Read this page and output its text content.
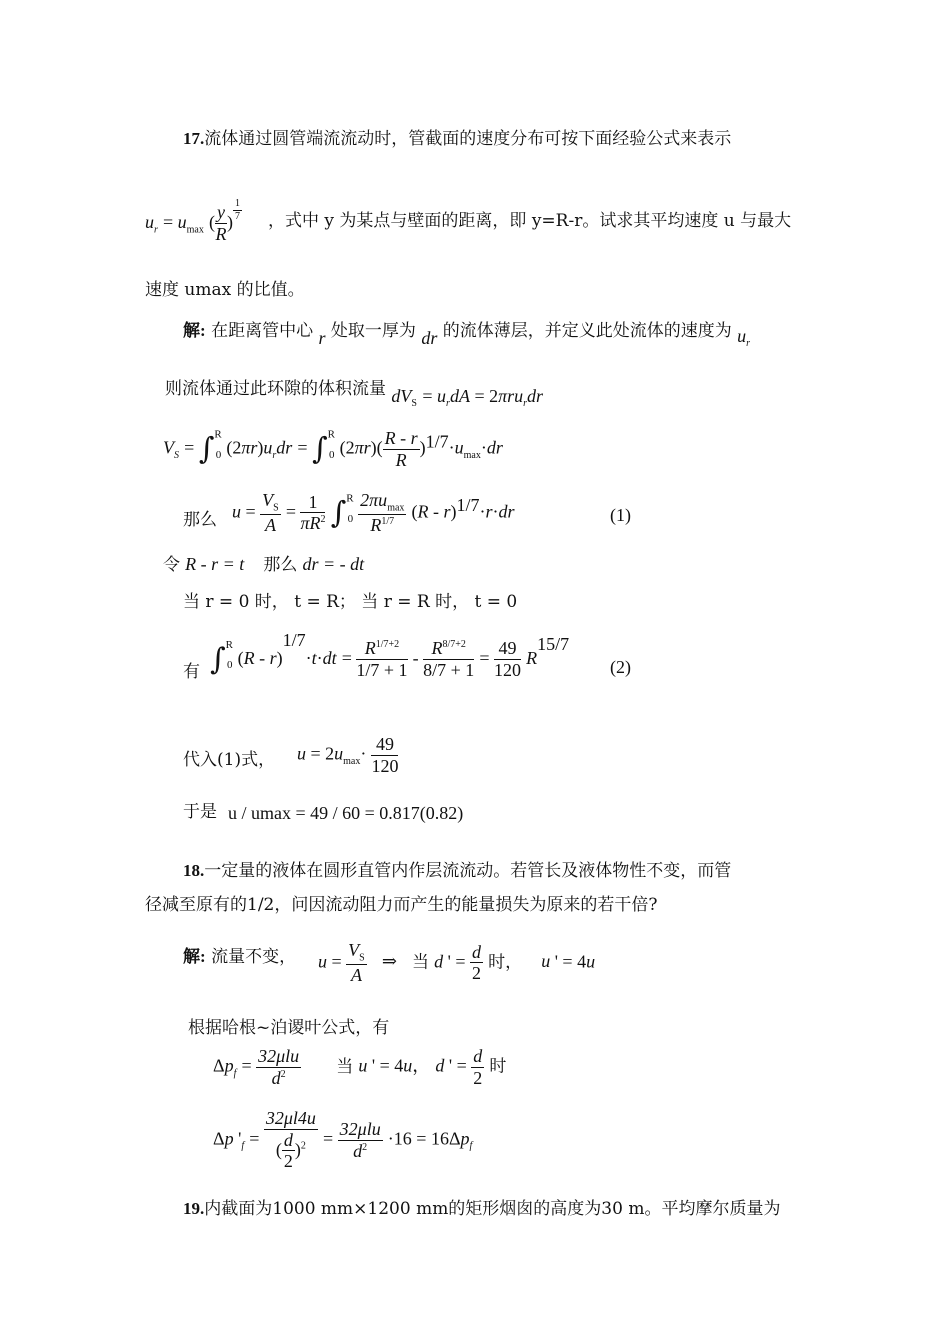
17.流体通过圆管端流流动时，管截面的速度分布可按下面经验公式来表示
$u_r = u_{max}$ ( $\frac{y}{R}$ )
$^{\frac{1}{7}}$ ，式中 y 为某点与壁面的距离，即 y=R-r。试求其平均速度 u 与最大
速度 umax 的比值。
解: 在距离管中心 r 处取一厚为 dr 的流体薄层，并定义此处流体的速度为 $u_r$
则流体通过此环隙的体积流量 $dV_S = u_rdA = 2\pi ru_rdr$
$V_S = \int^R_0$ $(2\pi r)u_rdr = \int^R_0$ $(2\pi r)( \frac{R - r}{R} )^{1/7}\cdot u_{max}\cdot dr$
那么 $u = \frac{V_S}{A} = \frac{1}{\pi R^2} \int^R_0 \frac{2\pi u_{max}}{R^{1/7}} (R - r)^{1/7}\cdot r\cdot dr$	(1)
令 R - r = t 那么 dr = - dt
当 r = 0 时， t = R； 当 r = R 时， t = 0
有 ∫$^R_0$ $(R - r)^{1/7}\cdot t\cdot dt = \frac{R^{1/7+2}}{1/7 + 1} - \frac{R^{8/7+2}}{8/7 + 1} = \frac{49}{120} R^{15/7}$
(2)
代入(1)式， $u = 2u_{max}\cdot \frac{49}{120}$
于是 u / umax = 49 / 60 = 0.817(0.82)
18.一定量的液体在圆形直管内作层流流动。若管长及液体物性不变，而管
径减至原有的1/2，问因流动阻力而产生的能量损失为原来的若干倍?
解: 流量不变， $u = \frac{V_S}{A}$ ⇒ 当 d ' = $\frac{d}{2}$ 时， u ' = 4u
根据哈根~泊谡叶公式，有
$\Delta p_f = \frac{\text{32μlu}}{d^2}$ 当 u ' = 4u， d ' = $\frac{d}{2}$ 时
Δp '$_f = \frac{32\mu l4u}{( \frac{d}{2} )^2} = \frac{\text{32μlu}}{d^2} \cdot 16 = 16\Delta p_f$
19.内截面为1000 mm×1200 mm的矩形烟囱的高度为30 m。平均摩尔质量为
